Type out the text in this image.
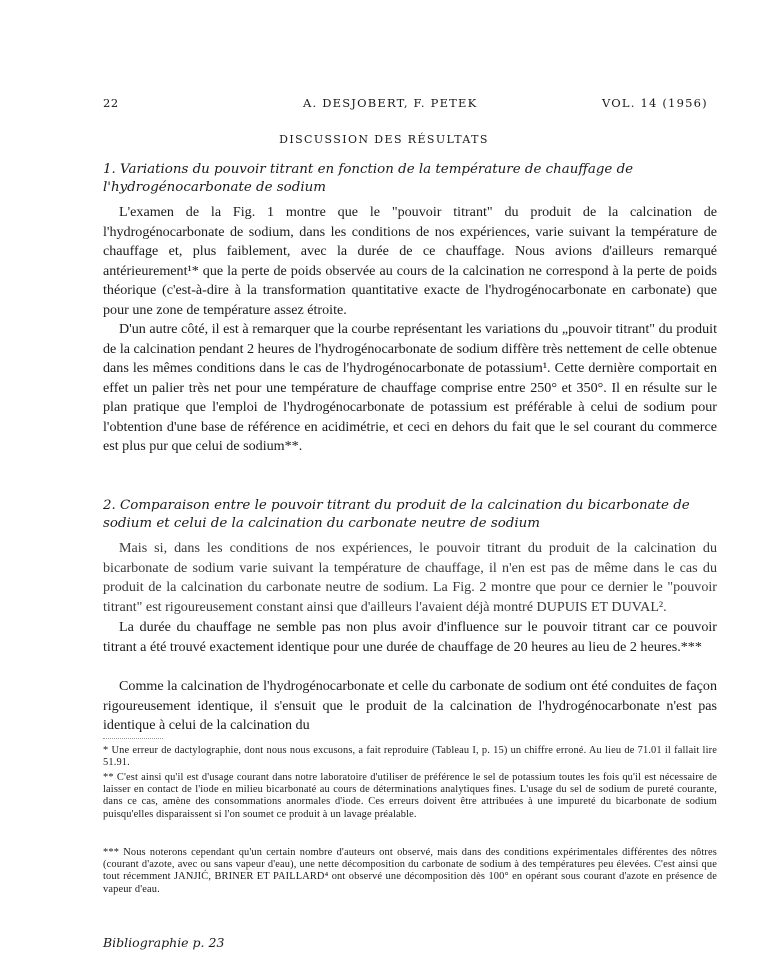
22	A. DESJOBERT, F. PETEK	VOL. 14 (1956)
DISCUSSION DES RÉSULTATS
1. Variations du pouvoir titrant en fonction de la température de chauffage de l'hydrogénocarbonate de sodium

L'examen de la Fig. 1 montre que le "pouvoir titrant" du produit de la calcination de l'hydrogénocarbonate de sodium, dans les conditions de nos expériences, varie suivant la température de chauffage et, plus faiblement, avec la durée de ce chauffage. Nous avions d'ailleurs remarqué antérieurement¹* que la perte de poids observée au cours de la calcination ne correspond à la perte de poids théorique (c'est-à-dire à la transformation quantitative exacte de l'hydrogénocarbonate en carbonate) que pour une zone de température assez étroite.

D'un autre côté, il est à remarquer que la courbe représentant les variations du „pouvoir titrant" du produit de la calcination pendant 2 heures de l'hydrogénocarbonate de sodium diffère très nettement de celle obtenue dans les mêmes conditions dans le cas de l'hydrogénocarbonate de potassium¹. Cette dernière comportait en effet un palier très net pour une température de chauffage comprise entre 250° et 350°. Il en résulte sur le plan pratique que l'emploi de l'hydrogénocarbonate de potassium est préférable à celui de sodium pour l'obtention d'une base de référence en acidimétrie, et ceci en dehors du fait que le sel courant du commerce est plus pur que celui de sodium**.

2. Comparaison entre le pouvoir titrant du produit de la calcination du bicarbonate de sodium et celui de la calcination du carbonate neutre de sodium

Mais si, dans les conditions de nos expériences, le pouvoir titrant du produit de la calcination du bicarbonate de sodium varie suivant la température de chauffage, il n'en est pas de même dans le cas du produit de la calcination du carbonate neutre de sodium. La Fig. 2 montre que pour ce dernier le "pouvoir titrant" est rigoureusement constant ainsi que d'ailleurs l'avaient déjà montré DUPUIS ET DUVAL².

La durée du chauffage ne semble pas non plus avoir d'influence sur le pouvoir titrant car ce pouvoir titrant a été trouvé exactement identique pour une durée de chauffage de 20 heures au lieu de 2 heures.***

Comme la calcination de l'hydrogénocarbonate et celle du carbonate de sodium ont été conduites de façon rigoureusement identique, il s'ensuit que le produit de la calcination de l'hydrogénocarbonate n'est pas identique à celui de la calcination du

* Une erreur de dactylographie, dont nous nous excusons, a fait reproduire (Tableau I, p. 15) un chiffre erroné. Au lieu de 71.01 il fallait lire 51.91.

** C'est ainsi qu'il est d'usage courant dans notre laboratoire d'utiliser de préférence le sel de potassium toutes les fois qu'il est nécessaire de laisser en contact de l'iode en milieu bicarbonaté au cours de déterminations analytiques fines. L'usage du sel de sodium de pureté courante, dans ce cas, amène des consommations anormales d'iode. Ces erreurs doivent être attribuées à une impureté du bicarbonate de sodium puisqu'elles disparaissent si l'on soumet ce produit à un lavage préalable.

*** Nous noterons cependant qu'un certain nombre d'auteurs ont observé, mais dans des conditions expérimentales différentes des nôtres (courant d'azote, avec ou sans vapeur d'eau), une nette décomposition du carbonate de sodium à des températures peu élevées. C'est ainsi que tout récemment JANJIĆ, BRINER ET PAILLARD⁴ ont observé une décomposition dès 100° en opérant sous courant d'azote en présence de vapeur d'eau.

Bibliographie p. 23
